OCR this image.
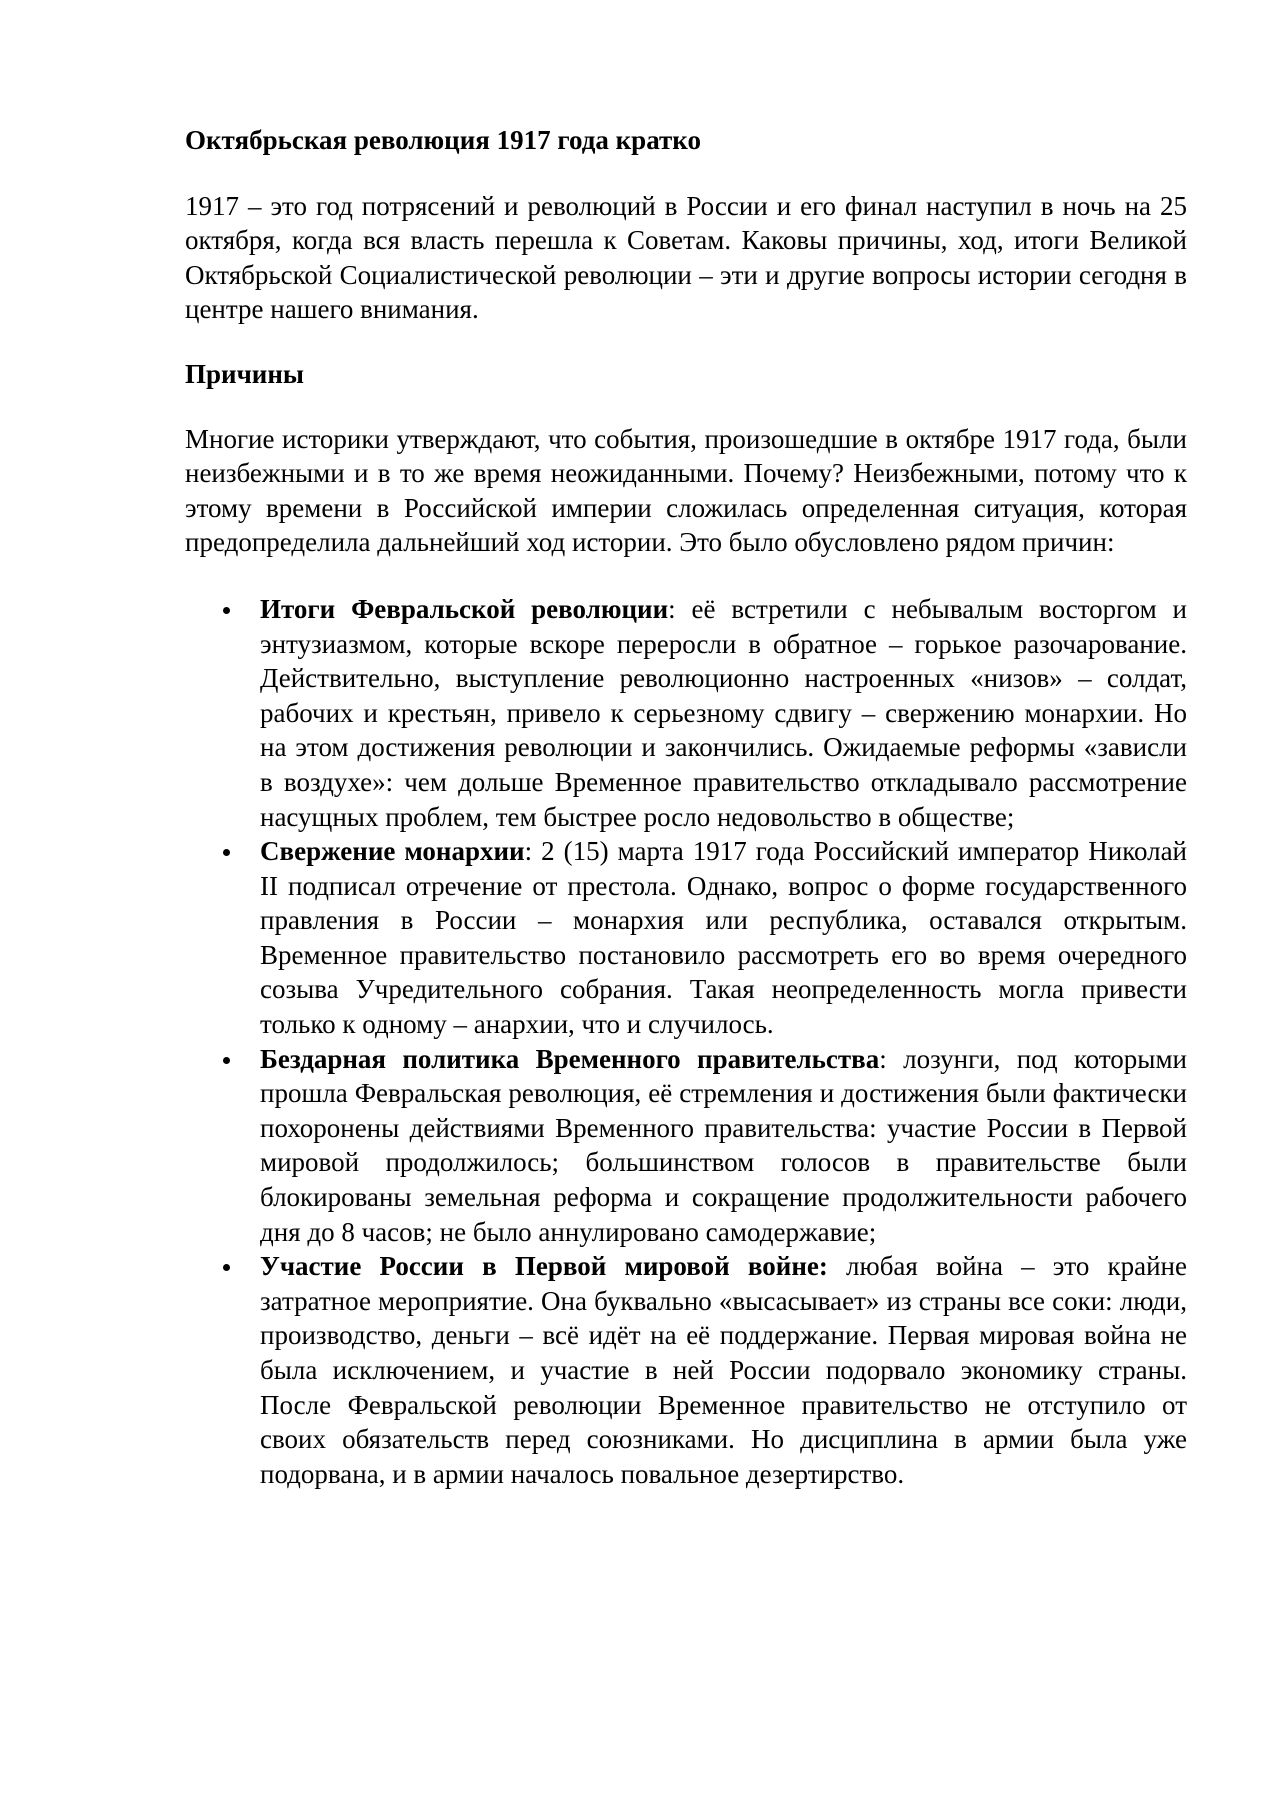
Октябрьская революция 1917 года кратко

1917 – это год потрясений и революций в России и его финал наступил в ночь на 25 октября, когда вся власть перешла к Советам. Каковы причины, ход, итоги Великой Октябрьской Социалистической революции – эти и другие вопросы истории сегодня в центре нашего внимания.

Причины

Многие историки утверждают, что события, произошедшие в октябре 1917 года, были неизбежными и в то же время неожиданными. Почему? Неизбежными, потому что к этому времени в Российской империи сложилась определенная ситуация, которая предопределила дальнейший ход истории. Это было обусловлено рядом причин:

Итоги Февральской революции: её встретили с небывалым восторгом и энтузиазмом, которые вскоре переросли в обратное – горькое разочарование. Действительно, выступление революционно настроенных «низов» – солдат, рабочих и крестьян, привело к серьезному сдвигу – свержению монархии. Но на этом достижения революции и закончились. Ожидаемые реформы «зависли в воздухе»: чем дольше Временное правительство откладывало рассмотрение насущных проблем, тем быстрее росло недовольство в обществе;
Свержение монархии: 2 (15) марта 1917 года Российский император Николай II подписал отречение от престола. Однако, вопрос о форме государственного правления в России – монархия или республика, оставался открытым. Временное правительство постановило рассмотреть его во время очередного созыва Учредительного собрания. Такая неопределенность могла привести только к одному – анархии, что и случилось.
Бездарная политика Временного правительства: лозунги, под которыми прошла Февральская революция, её стремления и достижения были фактически похоронены действиями Временного правительства: участие России в Первой мировой продолжилось; большинством голосов в правительстве были блокированы земельная реформа и сокращение продолжительности рабочего дня до 8 часов; не было аннулировано самодержавие;
Участие России в Первой мировой войне: любая война – это крайне затратное мероприятие. Она буквально «высасывает» из страны все соки: люди, производство, деньги – всё идёт на её поддержание. Первая мировая война не была исключением, и участие в ней России подорвало экономику страны. После Февральской революции Временное правительство не отступило от своих обязательств перед союзниками. Но дисциплина в армии была уже подорвана, и в армии началось повальное дезертирство.
